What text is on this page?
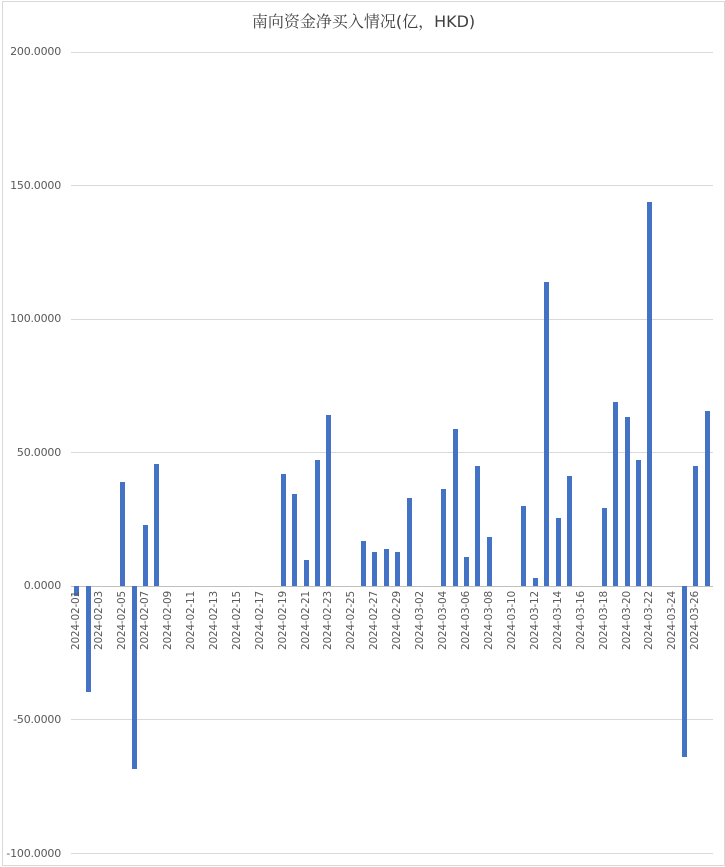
南向资金净买入情况(亿，HKD)
-100.0000
-50.0000
0.0000
50.0000
100.0000
150.0000
200.0000
2024-02-01 2024-02-03 2024-02-05 2024-02-07 2024-02-09 2024-02-11 2024-02-13 2024-02-15 2024-02-17 2024-02-19 2024-02-21 2024-02-23 2024-02-25 2024-02-27 2024-02-29 2024-03-02 2024-03-04 2024-03-06 2024-03-08 2024-03-10 2024-03-12 2024-03-14 2024-03-16 2024-03-18 2024-03-20 2024-03-22 2024-03-24 2024-03-26
